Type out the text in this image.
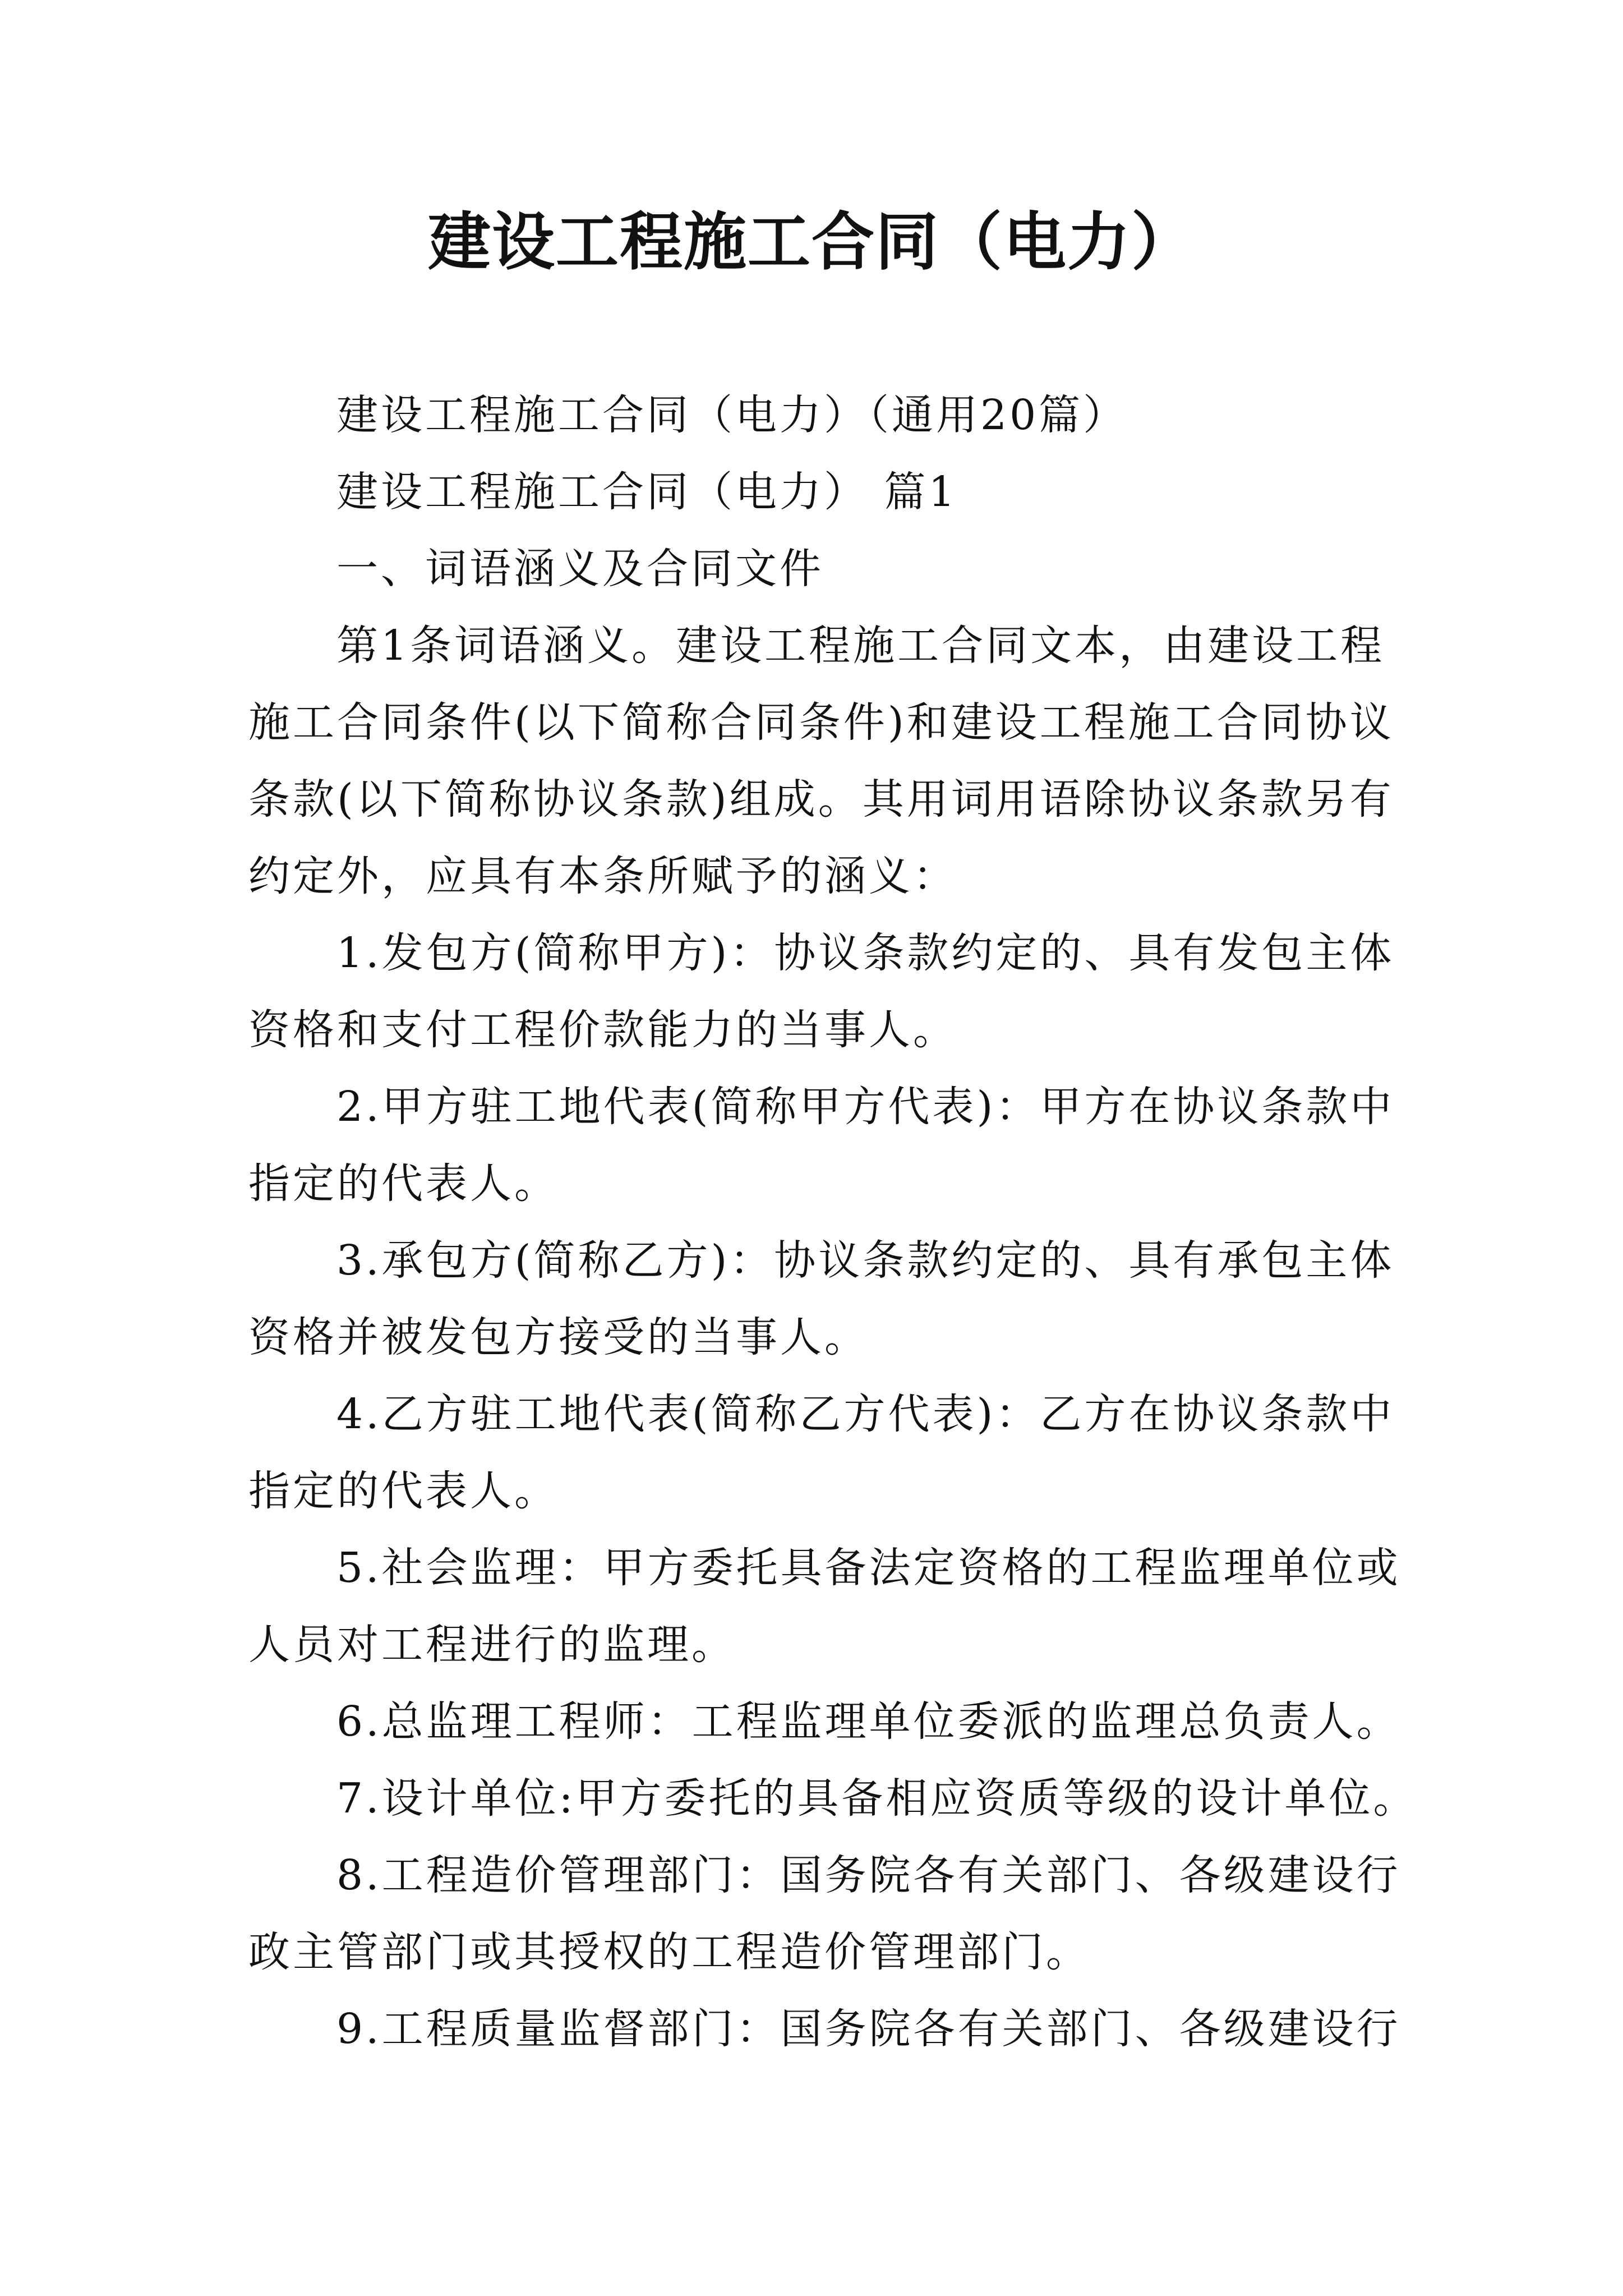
建设工程施工合同（电力）
建设工程施工合同（电力）（通用20篇）
建设工程施工合同（电力） 篇1
一、词语涵义及合同文件
第1条词语涵义。建设工程施工合同文本，由建设工程
施工合同条件(以下简称合同条件)和建设工程施工合同协议
条款(以下简称协议条款)组成。其用词用语除协议条款另有
约定外，应具有本条所赋予的涵义：
1.发包方(简称甲方)：协议条款约定的、具有发包主体
资格和支付工程价款能力的当事人。
2.甲方驻工地代表(简称甲方代表)：甲方在协议条款中
指定的代表人。
3.承包方(简称乙方)：协议条款约定的、具有承包主体
资格并被发包方接受的当事人。
4.乙方驻工地代表(简称乙方代表)：乙方在协议条款中
指定的代表人。
5.社会监理：甲方委托具备法定资格的工程监理单位或
人员对工程进行的监理。
6.总监理工程师：工程监理单位委派的监理总负责人。
7.设计单位:甲方委托的具备相应资质等级的设计单位。
8.工程造价管理部门：国务院各有关部门、各级建设行
政主管部门或其授权的工程造价管理部门。
9.工程质量监督部门：国务院各有关部门、各级建设行
